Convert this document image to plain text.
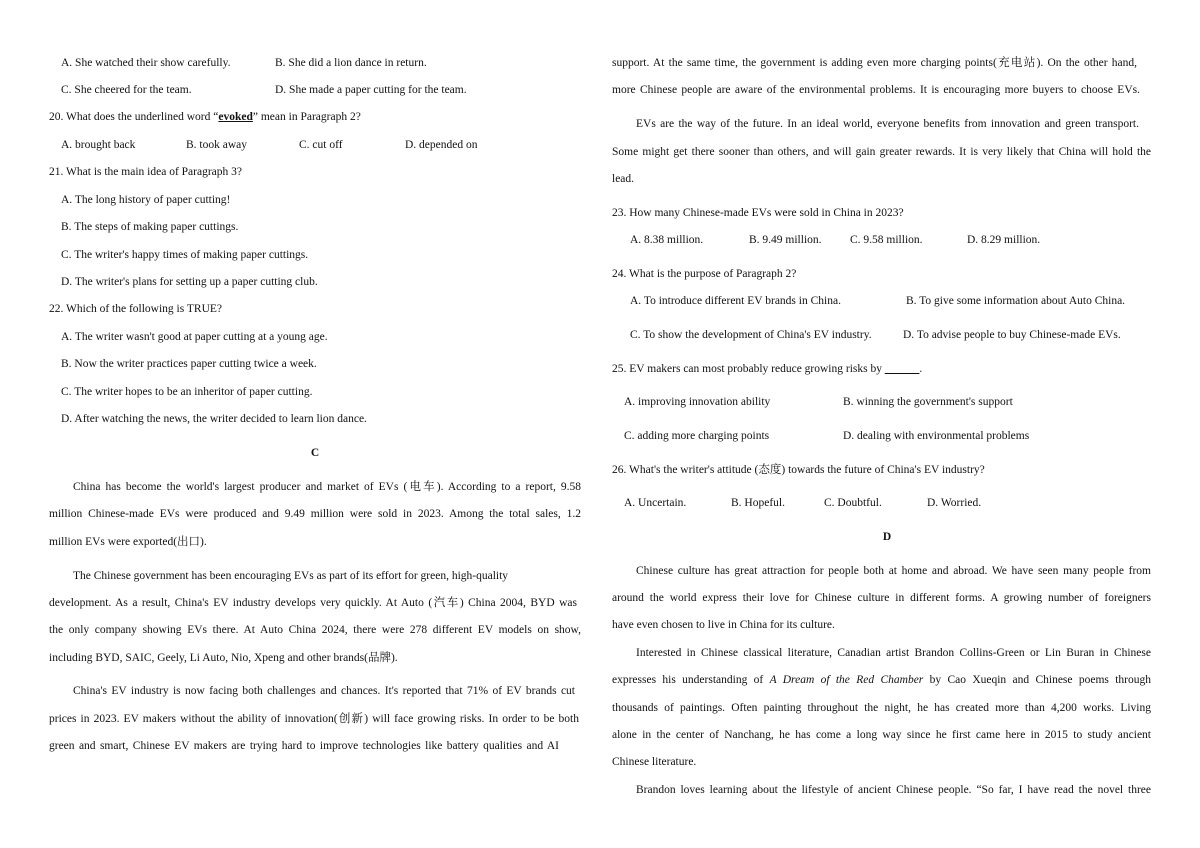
A. She watched their show carefully.	B. She did a lion dance in return.
C. She cheered for the team.	D. She made a paper cutting for the team.
20. What does the underlined word “evoked” mean in Paragraph 2?
A. brought back	B. took away	C. cut off	D. depended on
21. What is the main idea of Paragraph 3?
A. The long history of paper cutting!
B. The steps of making paper cuttings.
C. The writer's happy times of making paper cuttings.
D. The writer's plans for setting up a paper cutting club.
22. Which of the following is TRUE?
A. The writer wasn't good at paper cutting at a young age.
B. Now the writer practices paper cutting twice a week.
C. The writer hopes to be an inheritor of paper cutting.
D. After watching the news, the writer decided to learn lion dance.
C
China has become the world's largest producer and market of EVs (电车). According to a report, 9.58
million Chinese-made EVs were produced and 9.49 million were sold in 2023. Among the total sales, 1.2
million EVs were exported(出口).
The Chinese government has been encouraging EVs as part of its effort for green, high-quality
development. As a result, China's EV industry develops very quickly. At Auto (汽车) China 2004, BYD was
the only company showing EVs there. At Auto China 2024, there were 278 different EV models on show,
including BYD, SAIC, Geely, Li Auto, Nio, Xpeng and other brands(品牌).
China's EV industry is now facing both challenges and chances. It's reported that 71% of EV brands cut
prices in 2023. EV makers without the ability of innovation(创新) will face growing risks. In order to be both
green and smart, Chinese EV makers are trying hard to improve technologies like battery qualities and AI
support. At the same time, the government is adding even more charging points(充电站). On the other hand,
more Chinese people are aware of the environmental problems. It is encouraging more buyers to choose EVs.
EVs are the way of the future. In an ideal world, everyone benefits from innovation and green transport.
Some might get there sooner than others, and will gain greater rewards. It is very likely that China will hold the
lead.
23. How many Chinese-made EVs were sold in China in 2023?
A. 8.38 million.	B. 9.49 million. C. 9.58 million.	D. 8.29 million.
24. What is the purpose of Paragraph 2?
A. To introduce different EV brands in China.	B. To give some information about Auto China.
C. To show the development of China's EV industry.	D. To advise people to buy Chinese-made EVs.
25. EV makers can most probably reduce growing risks by ______.
A. improving innovation ability	B. winning the government's support
C. adding more charging points	D. dealing with environmental problems
26. What's the writer's attitude (态度) towards the future of China's EV industry?
A. Uncertain.	B. Hopeful.	C. Doubtful.	D. Worried.
D
Chinese culture has great attraction for people both at home and abroad. We have seen many people from
around the world express their love for Chinese culture in different forms. A growing number of foreigners
have even chosen to live in China for its culture.
Interested in Chinese classical literature, Canadian artist Brandon Collins-Green or Lin Buran in Chinese
expresses his understanding of A Dream of the Red Chamber by Cao Xueqin and Chinese poems through
thousands of paintings. Often painting throughout the night, he has created more than 4,200 works. Living
alone in the center of Nanchang, he has come a long way since he first came here in 2015 to study ancient
Chinese literature.
Brandon loves learning about the lifestyle of ancient Chinese people. “So far, I have read the novel three
